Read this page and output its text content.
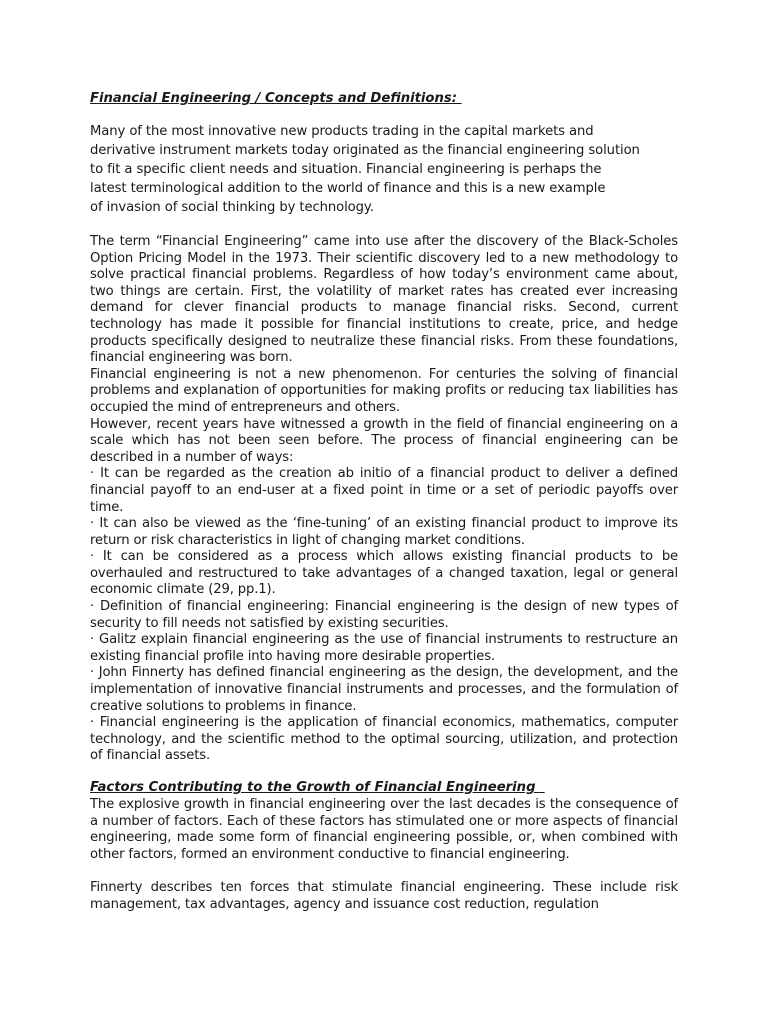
Financial Engineering / Concepts and Definitions:

Many of the most innovative new products trading in the capital markets and
derivative instrument markets today originated as the financial engineering solution
to fit a specific client needs and situation. Financial engineering is perhaps the
latest terminological addition to the world of finance and this is a new example
of invasion of social thinking by technology.

The term “Financial Engineering” came into use after the discovery of the Black-Scholes Option Pricing Model in the 1973. Their scientific discovery led to a new methodology to solve practical financial problems. Regardless of how today’s environment came about, two things are certain. First, the volatility of market rates has created ever increasing demand for clever financial products to manage financial risks. Second, current technology has made it possible for financial institutions to create, price, and hedge products specifically designed to neutralize these financial risks. From these foundations, financial engineering was born.

Financial engineering is not a new phenomenon. For centuries the solving of financial problems and explanation of opportunities for making profits or reducing tax liabilities has occupied the mind of entrepreneurs and others.

However, recent years have witnessed a growth in the field of financial engineering on a scale which has not been seen before. The process of financial engineering can be described in a number of ways:

· It can be regarded as the creation ab initio of a financial product to deliver a defined financial payoff to an end-user at a fixed point in time or a set of periodic payoffs over time.

· It can also be viewed as the ‘fine-tuning’ of an existing financial product to improve its return or risk characteristics in light of changing market conditions.

· It can be considered as a process which allows existing financial products to be overhauled and restructured to take advantages of a changed taxation, legal or general economic climate (29, pp.1).

· Definition of financial engineering: Financial engineering is the design of new types of security to fill needs not satisfied by existing securities.

· Galitz explain financial engineering as the use of financial instruments to restructure an existing financial profile into having more desirable properties.

· John Finnerty has defined financial engineering as the design, the development, and the implementation of innovative financial instruments and processes, and the formulation of creative solutions to problems in finance.

· Financial engineering is the application of financial economics, mathematics, computer technology, and the scientific method to the optimal sourcing, utilization, and protection of financial assets.

Factors Contributing to the Growth of Financial Engineering

The explosive growth in financial engineering over the last decades is the consequence of a number of factors. Each of these factors has stimulated one or more aspects of financial engineering, made some form of financial engineering possible, or, when combined with other factors, formed an environment conductive to financial engineering.

Finnerty describes ten forces that stimulate financial engineering. These include risk management, tax advantages, agency and issuance cost reduction, regulation
